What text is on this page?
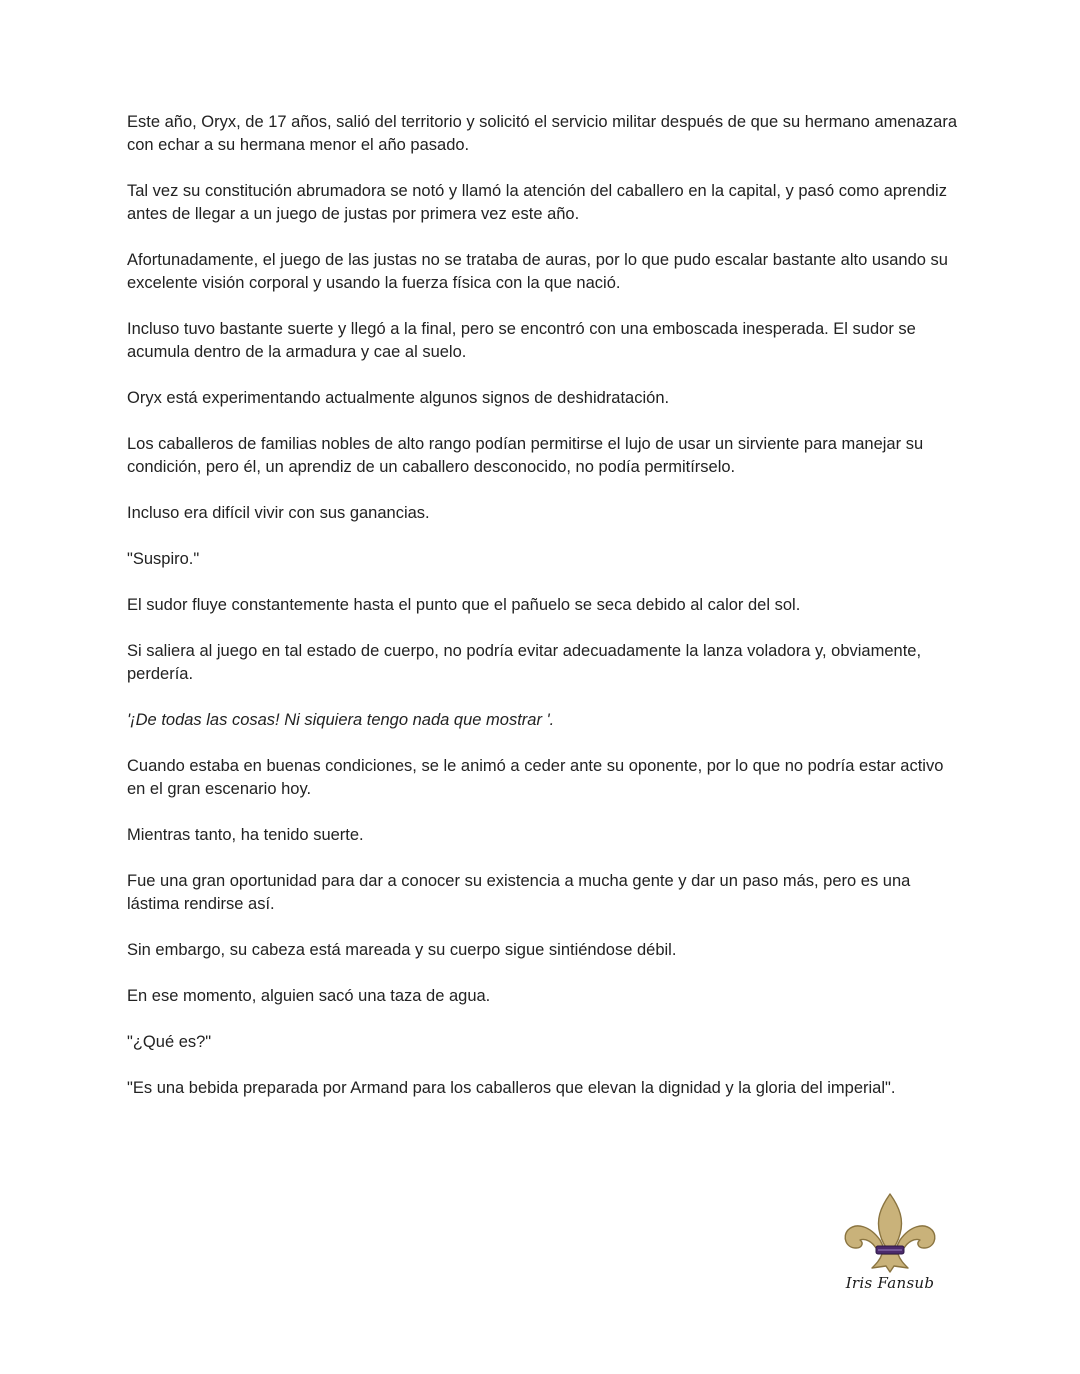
Este año, Oryx, de 17 años, salió del territorio y solicitó el servicio militar después de que su hermano amenazara con echar a su hermana menor el año pasado.

Tal vez su constitución abrumadora se notó y llamó la atención del caballero en la capital, y pasó como aprendiz antes de llegar a un juego de justas por primera vez este año.

Afortunadamente, el juego de las justas no se trataba de auras, por lo que pudo escalar bastante alto usando su excelente visión corporal y usando la fuerza física con la que nació.

Incluso tuvo bastante suerte y llegó a la final, pero se encontró con una emboscada inesperada. El sudor se acumula dentro de la armadura y cae al suelo.

Oryx está experimentando actualmente algunos signos de deshidratación.

Los caballeros de familias nobles de alto rango podían permitirse el lujo de usar un sirviente para manejar su condición, pero él, un aprendiz de un caballero desconocido, no podía permitírselo.

Incluso era difícil vivir con sus ganancias.

"Suspiro."

El sudor fluye constantemente hasta el punto que el pañuelo se seca debido al calor del sol.

Si saliera al juego en tal estado de cuerpo, no podría evitar adecuadamente la lanza voladora y, obviamente, perdería.

'¡De todas las cosas! Ni siquiera tengo nada que mostrar '.

Cuando estaba en buenas condiciones, se le animó a ceder ante su oponente, por lo que no podría estar activo en el gran escenario hoy.

Mientras tanto, ha tenido suerte.

Fue una gran oportunidad para dar a conocer su existencia a mucha gente y dar un paso más, pero es una lástima rendirse así.

Sin embargo, su cabeza está mareada y su cuerpo sigue sintiéndose débil.

En ese momento, alguien sacó una taza de agua.

"¿Qué es?"

"Es una bebida preparada por Armand para los caballeros que elevan la dignidad y la gloria del imperial".

Iris Fansub
